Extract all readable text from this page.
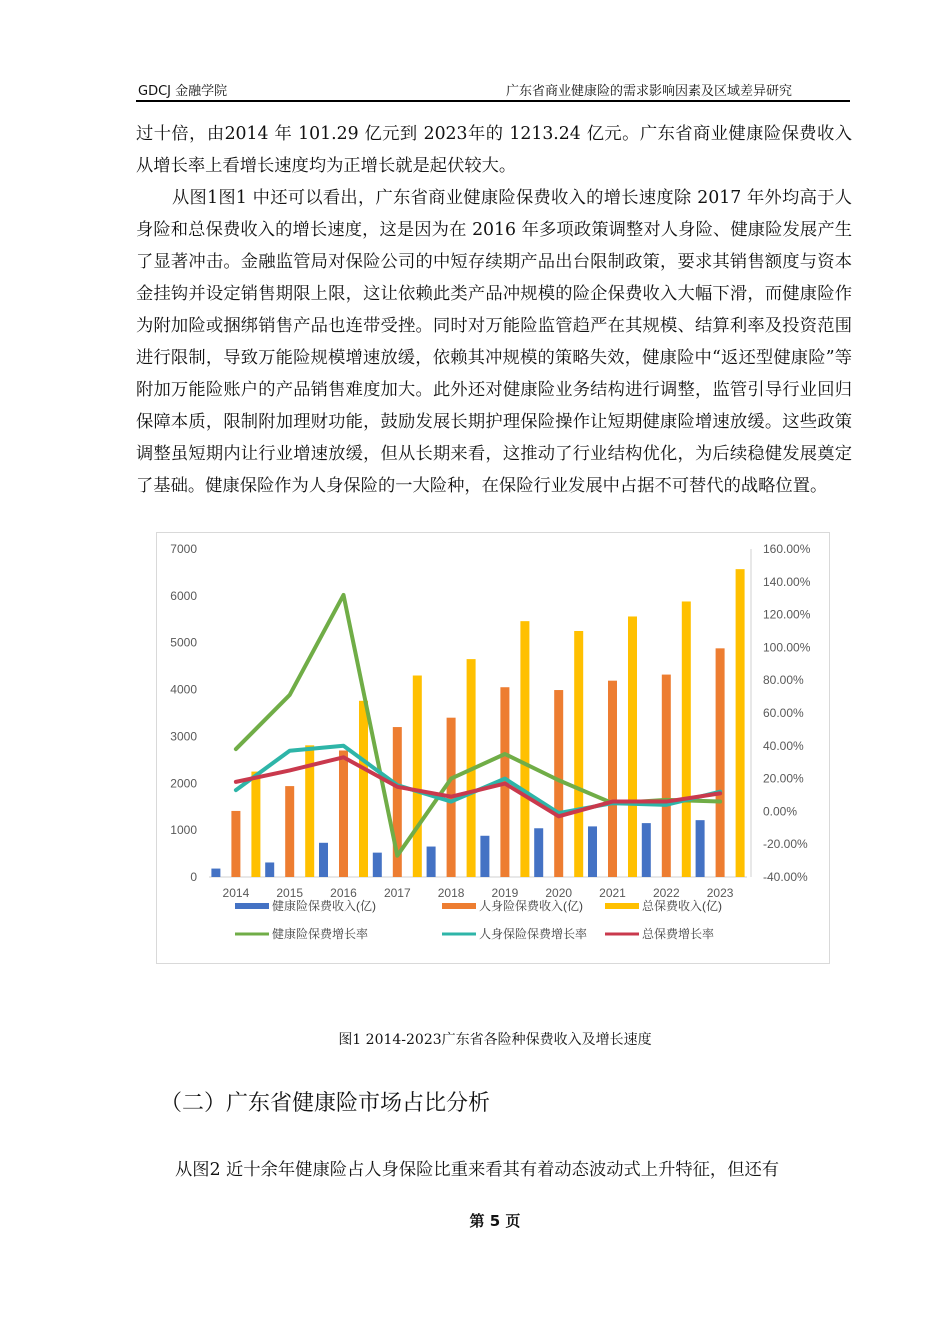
GDCJ 金融学院	广东省商业健康险的需求影响因素及区域差异研究

过十倍，由2014 年 101.29 亿元到 2023年的 1213.24 亿元。广东省商业健康险保费收入从增长率上看增长速度均为正增长就是起伏较大。

从图1图1 中还可以看出，广东省商业健康险保费收入的增长速度除 2017 年外均高于人身险和总保费收入的增长速度，这是因为在 2016 年多项政策调整对人身险、健康险发展产生了显著冲击。金融监管局对保险公司的中短存续期产品出台限制政策，要求其销售额度与资本金挂钩并设定销售期限上限，这让依赖此类产品冲规模的险企保费收入大幅下滑，而健康险作为附加险或捆绑销售产品也连带受挫。同时对万能险监管趋严在其规模、结算利率及投资范围进行限制，导致万能险规模增速放缓，依赖其冲规模的策略失效，健康险中“返还型健康险”等附加万能险账户的产品销售难度加大。此外还对健康险业务结构进行调整，监管引导行业回归保障本质，限制附加理财功能，鼓励发展长期护理保险操作让短期健康险增速放缓。这些政策调整虽短期内让行业增速放缓，但从长期来看，这推动了行业结构优化，为后续稳健发展奠定了基础。健康保险作为人身保险的一大险种，在保险行业发展中占据不可替代的战略位置。

0
1000
2000
3000
4000
5000
6000
7000
-40.00%
-20.00%
0.00%
20.00%
40.00%
60.00%
80.00%
100.00%
120.00%
140.00%
160.00%
2014 2015 2016 2017 2018 2019 2020 2021 2022 2023
健康险保费收入(亿)	人身险保费收入(亿)	总保费收入(亿)
健康险保费增长率	人身保险保费增长率	总保费增长率
图1 2014-2023广东省各险种保费收入及增长速度
（二）广东省健康险市场占比分析
从图2 近十余年健康险占人身保险比重来看其有着动态波动式上升特征，但还有
第 5 页
